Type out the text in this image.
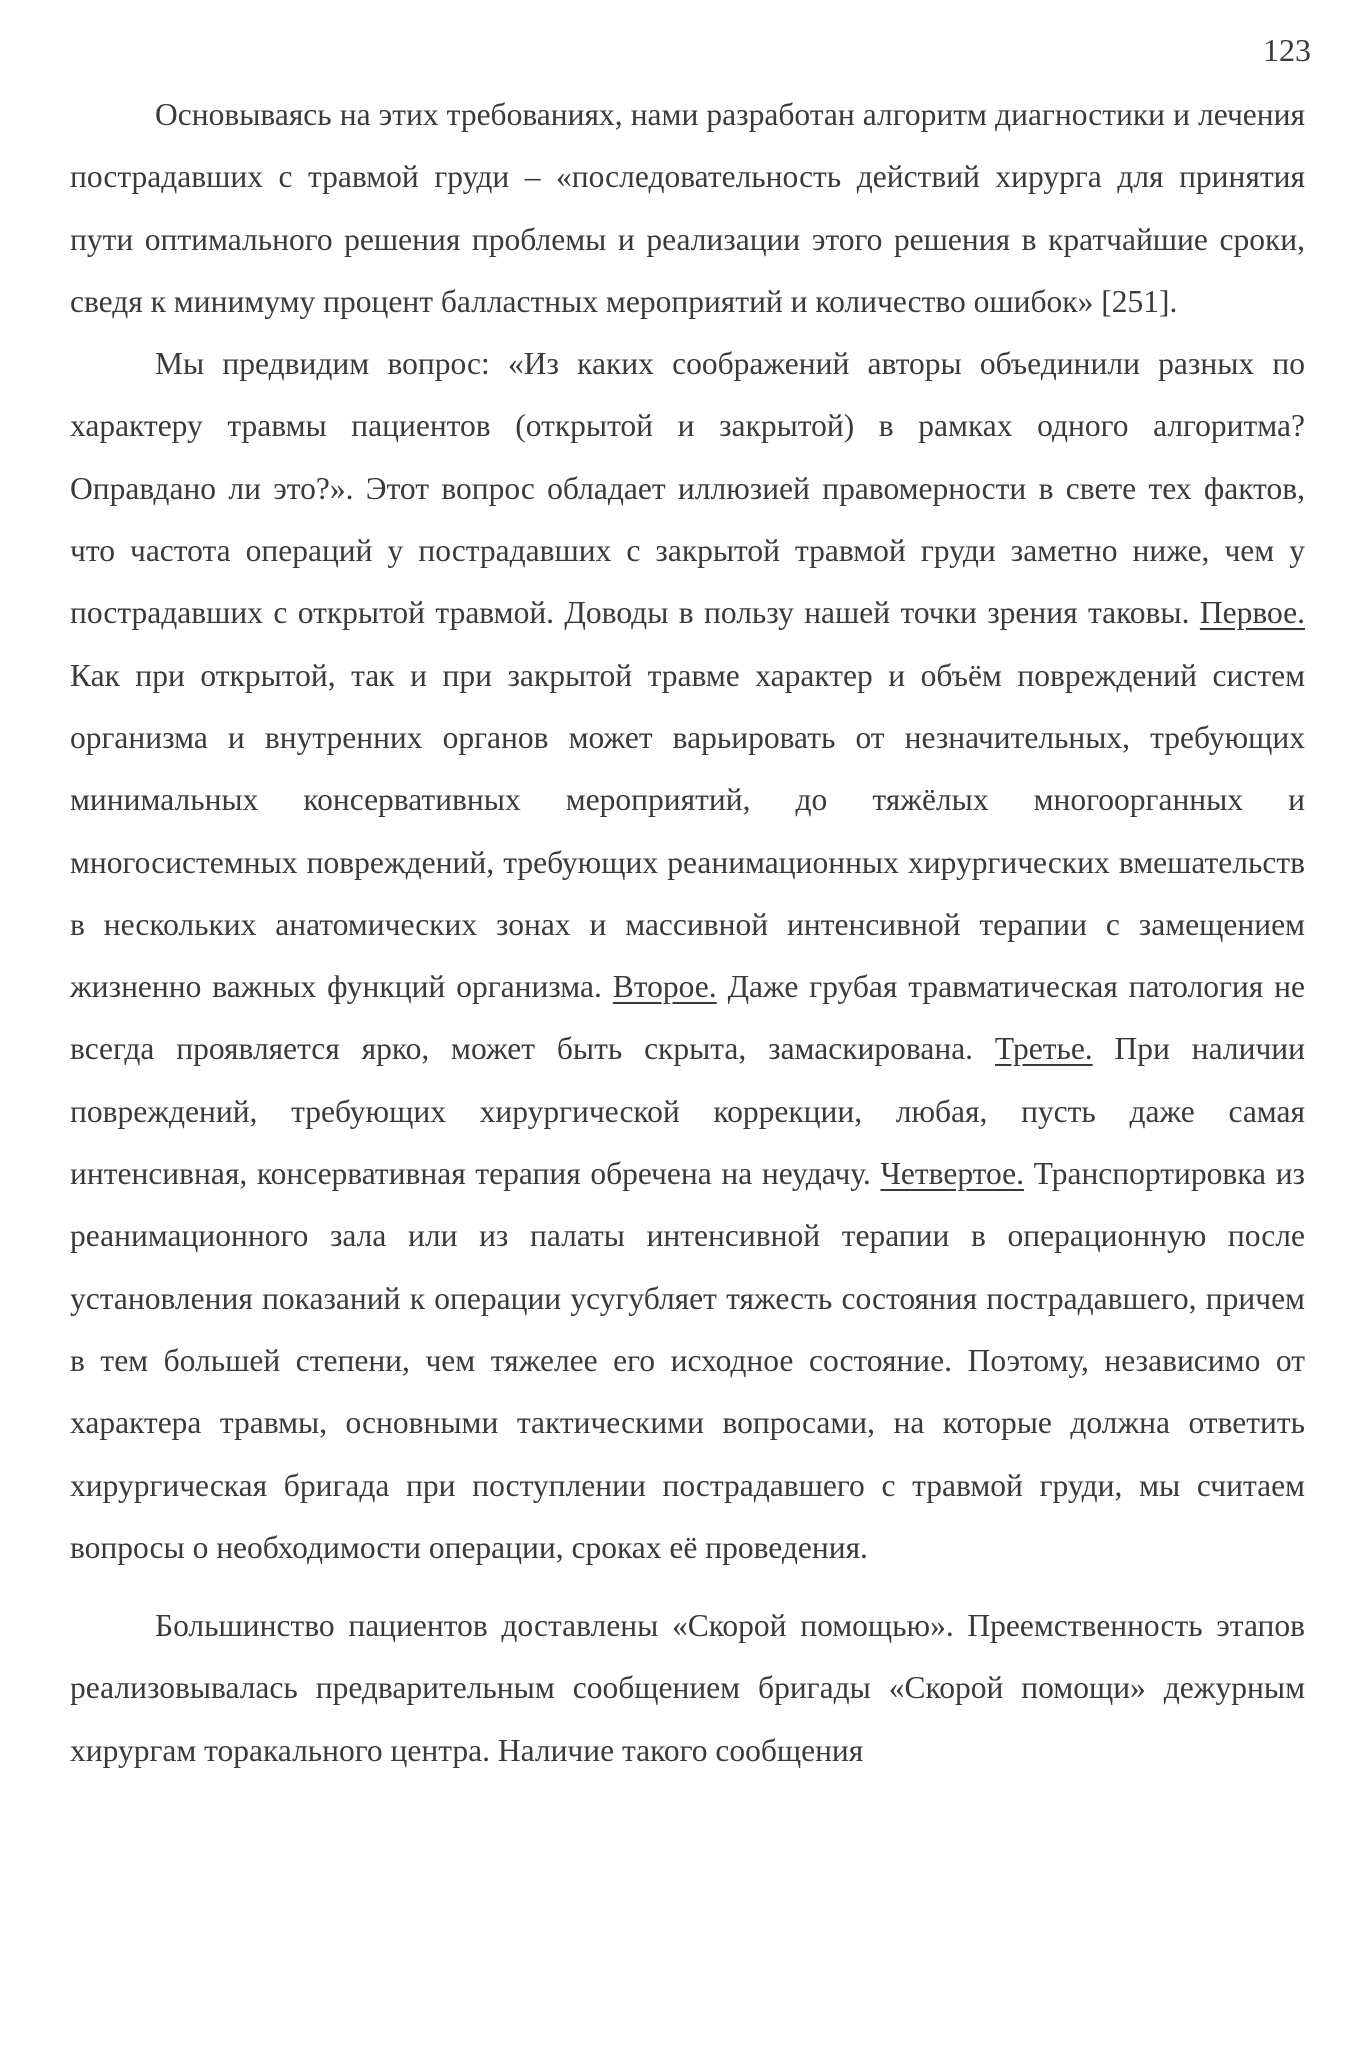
123

Основываясь на этих требованиях, нами разработан алгоритм диагностики и лечения пострадавших с травмой груди – «последовательность действий хирурга для принятия пути оптимального решения проблемы и реализации этого решения в кратчайшие сроки, сведя к минимуму процент балластных мероприятий и количество ошибок» [251].

Мы предвидим вопрос: «Из каких соображений авторы объединили разных по характеру травмы пациентов (открытой и закрытой) в рамках одного алгоритма? Оправдано ли это?». Этот вопрос обладает иллюзией правомерности в свете тех фактов, что частота операций у пострадавших с закрытой травмой груди заметно ниже, чем у пострадавших с открытой травмой. Доводы в пользу нашей точки зрения таковы. Первое. Как при открытой, так и при закрытой травме характер и объём повреждений систем организма и внутренних органов может варьировать от незначительных, требующих минимальных консервативных мероприятий, до тяжёлых многоорганных и многосистемных повреждений, требующих реанимационных хирургических вмешательств в нескольких анатомических зонах и массивной интенсивной терапии с замещением жизненно важных функций организма. Второе. Даже грубая травматическая патология не всегда проявляется ярко, может быть скрыта, замаскирована. Третье. При наличии повреждений, требующих хирургической коррекции, любая, пусть даже самая интенсивная, консервативная терапия обречена на неудачу. Четвертое. Транспортировка из реанимационного зала или из палаты интенсивной терапии в операционную после установления показаний к операции усугубляет тяжесть состояния пострадавшего, причем в тем большей степени, чем тяжелее его исходное состояние. Поэтому, независимо от характера травмы, основными тактическими вопросами, на которые должна ответить хирургическая бригада при поступлении пострадавшего с травмой груди, мы считаем вопросы о необходимости операции, сроках её проведения.

Большинство пациентов доставлены «Скорой помощью». Преемственность этапов реализовывалась предварительным сообщением бригады «Скорой помощи» дежурным хирургам торакального центра. Наличие такого сообщения
